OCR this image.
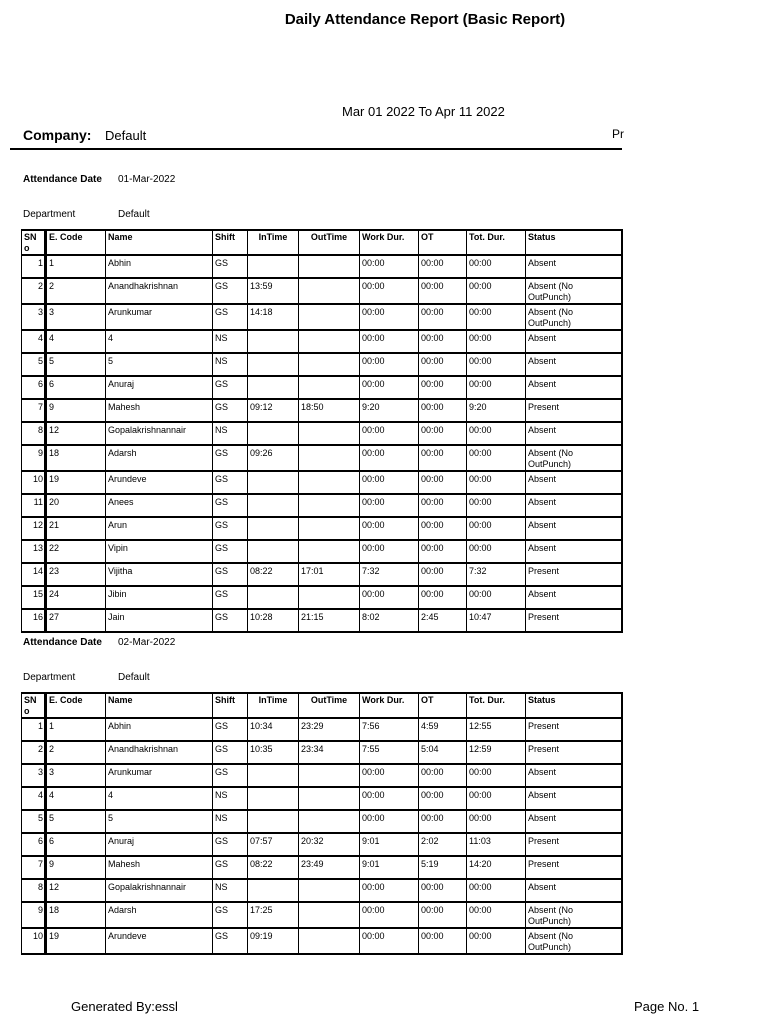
Daily Attendance Report (Basic Report)
Mar 01 2022 To Apr 11 2022
Company: Default	Pr
Attendance Date 01-Mar-2022
Department	Default
SN o	E. Code	Name	Shift	InTime	OutTime	Work Dur.	OT	Tot. Dur.	Status
1	1	Abhin	GS			00:00	00:00	00:00	Absent
2	2	Anandhakrishnan	GS	13:59		00:00	00:00	00:00	Absent (No OutPunch)
3	3	Arunkumar	GS	14:18		00:00	00:00	00:00	Absent (No OutPunch)
4	4	4	NS			00:00	00:00	00:00	Absent
5	5	5	NS			00:00	00:00	00:00	Absent
6	6	Anuraj	GS			00:00	00:00	00:00	Absent
7	9	Mahesh	GS	09:12	18:50	9:20	00:00	9:20	Present
8	12	Gopalakrishnannair	NS			00:00	00:00	00:00	Absent
9	18	Adarsh	GS	09:26		00:00	00:00	00:00	Absent (No OutPunch)
10	19	Arundeve	GS			00:00	00:00	00:00	Absent
11	20	Anees	GS			00:00	00:00	00:00	Absent
12	21	Arun	GS			00:00	00:00	00:00	Absent
13	22	Vipin	GS			00:00	00:00	00:00	Absent
14	23	Vijitha	GS	08:22	17:01	7:32	00:00	7:32	Present
15	24	Jibin	GS			00:00	00:00	00:00	Absent
16	27	Jain	GS	10:28	21:15	8:02	2:45	10:47	Present
Attendance Date 02-Mar-2022
Department	Default
SN o	E. Code	Name	Shift	InTime	OutTime	Work Dur.	OT	Tot. Dur.	Status
1	1	Abhin	GS	10:34	23:29	7:56	4:59	12:55	Present
2	2	Anandhakrishnan	GS	10:35	23:34	7:55	5:04	12:59	Present
3	3	Arunkumar	GS			00:00	00:00	00:00	Absent
4	4	4	NS			00:00	00:00	00:00	Absent
5	5	5	NS			00:00	00:00	00:00	Absent
6	6	Anuraj	GS	07:57	20:32	9:01	2:02	11:03	Present
7	9	Mahesh	GS	08:22	23:49	9:01	5:19	14:20	Present
8	12	Gopalakrishnannair	NS			00:00	00:00	00:00	Absent
9	18	Adarsh	GS	17:25		00:00	00:00	00:00	Absent (No OutPunch)
10	19	Arundeve	GS	09:19		00:00	00:00	00:00	Absent (No OutPunch)
Generated By:essl	Page No. 1
